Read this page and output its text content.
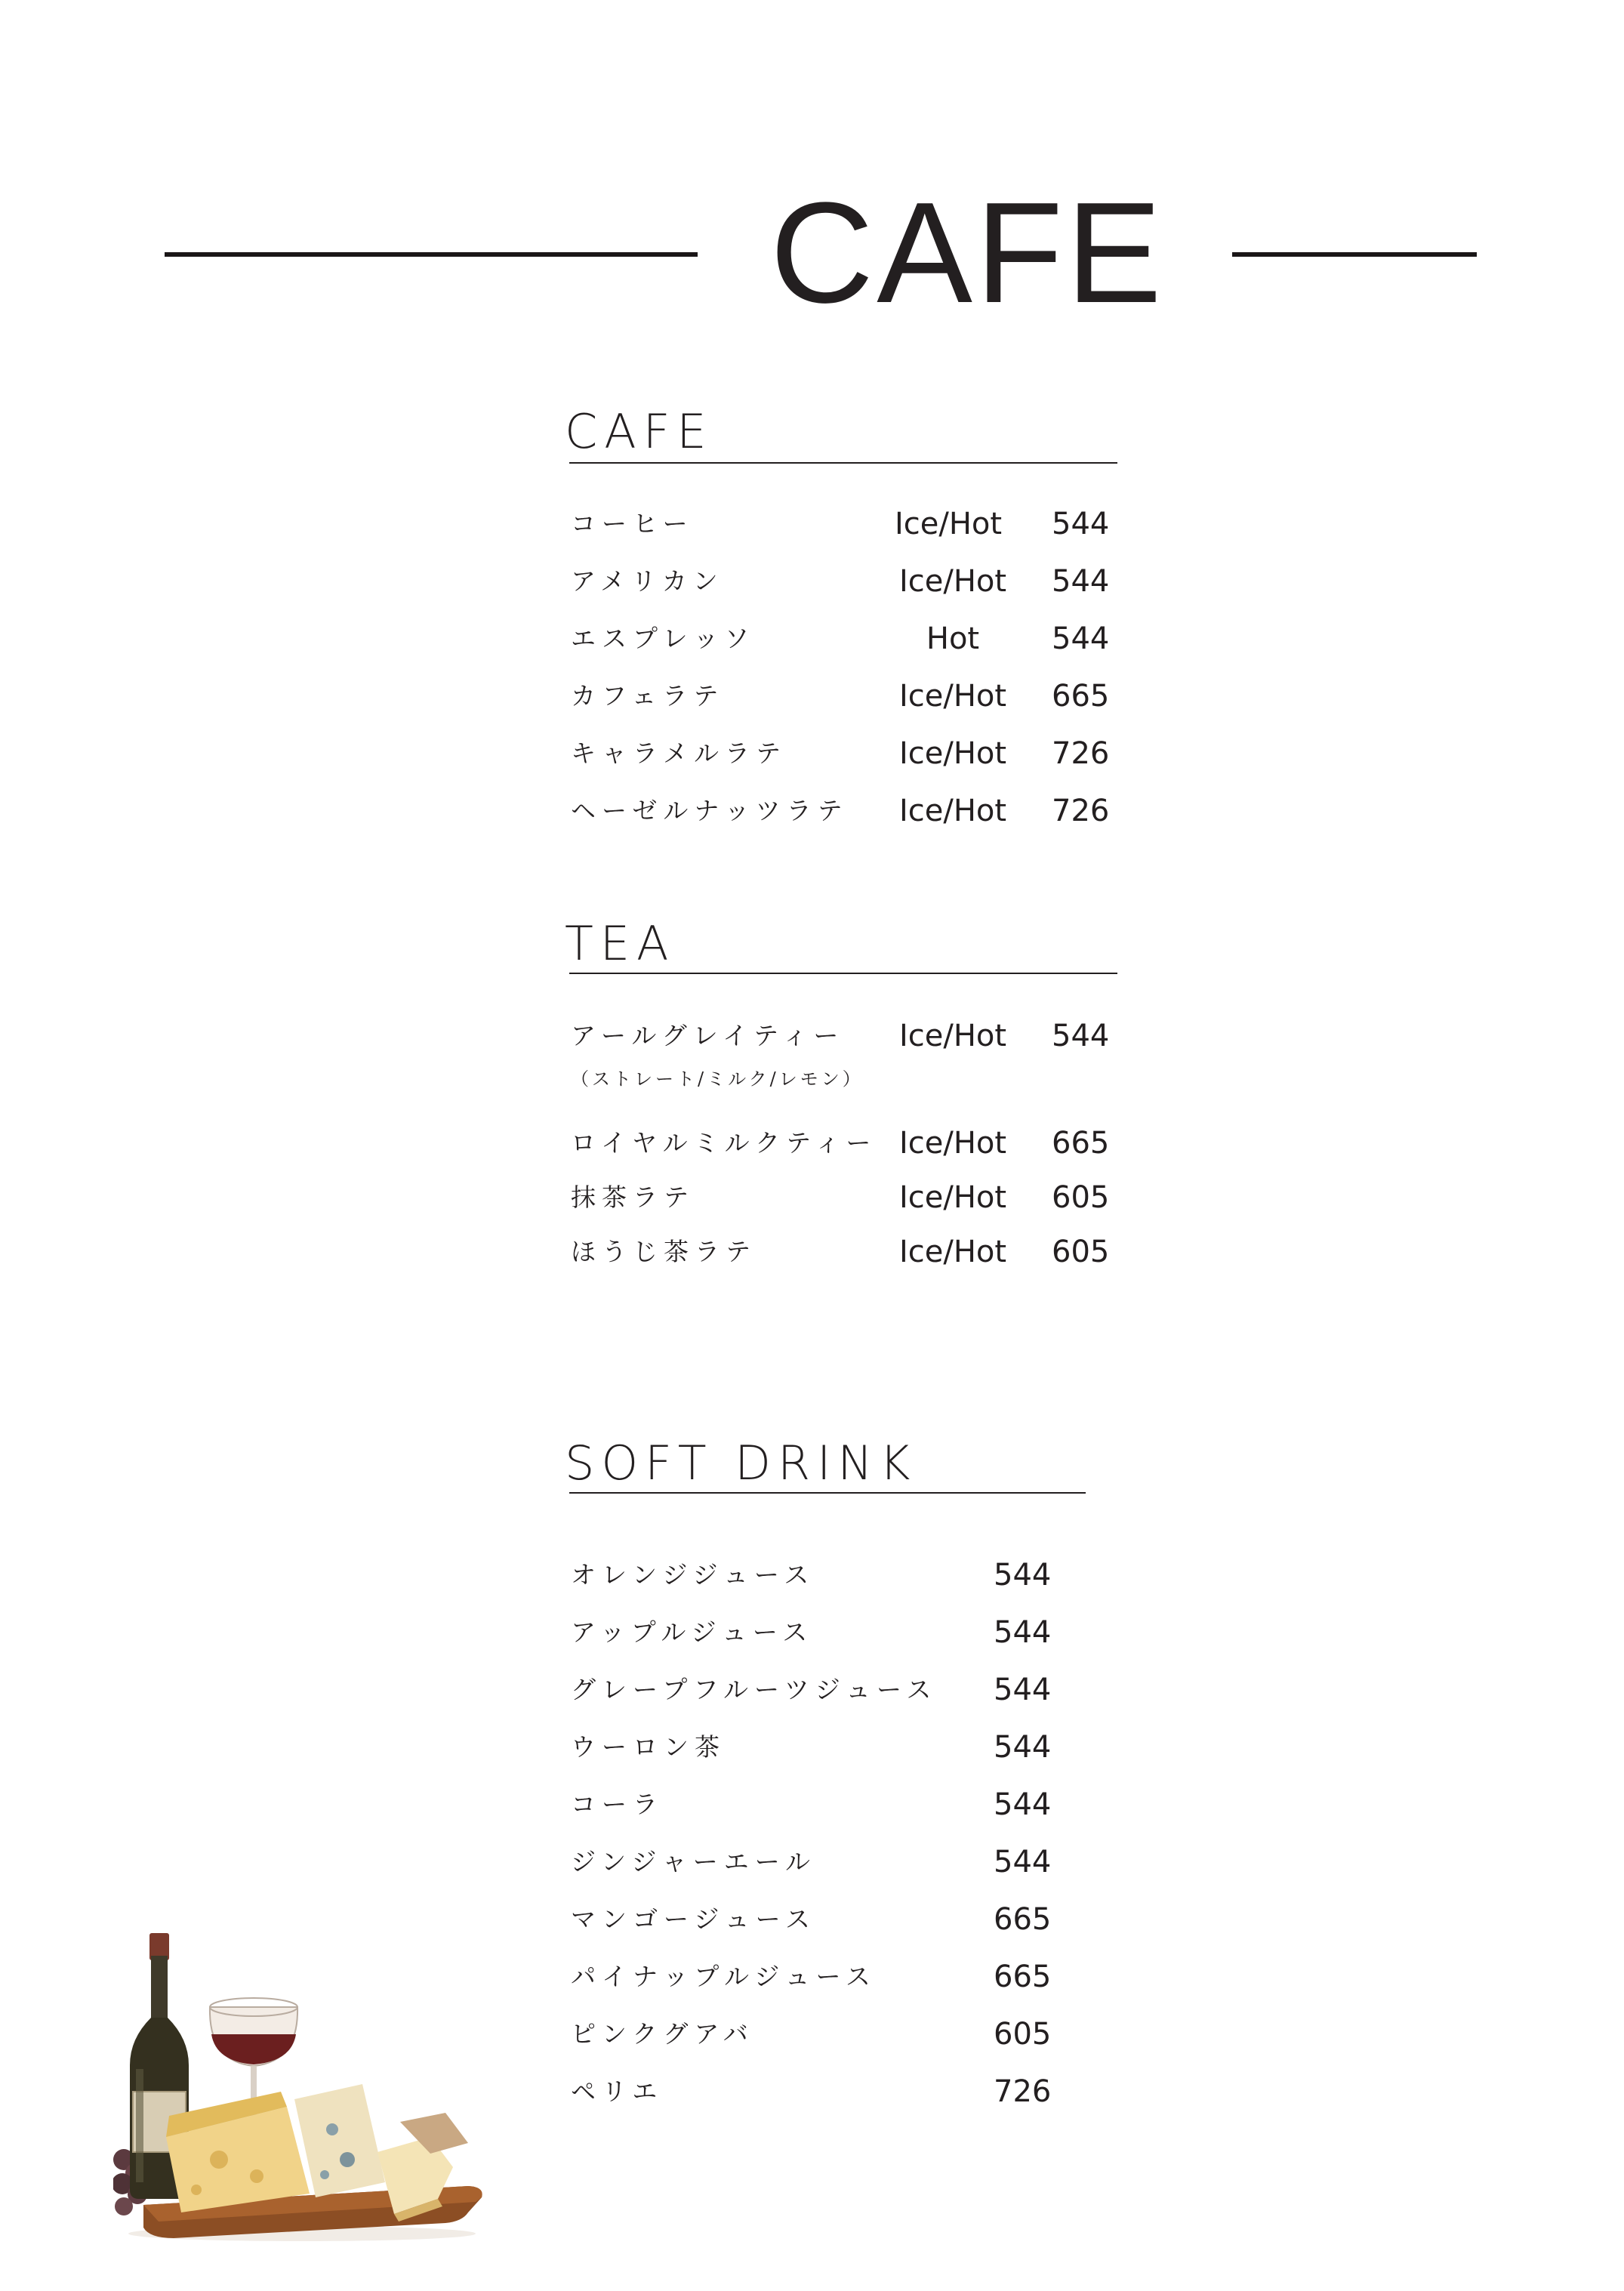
CAFE
CAFE
コーヒー	Ice/Hot	544
アメリカン	Ice/Hot	544
エスプレッソ	Hot	544
カフェラテ	Ice/Hot	665
キャラメルラテ	Ice/Hot	726
ヘーゼルナッツラテ	Ice/Hot	726
TEA
アールグレイティー	Ice/Hot	544
（ストレート/ミルク/レモン）
ロイヤルミルクティー Ice/Hot	665
抹茶ラテ	Ice/Hot	605
ほうじ茶ラテ	Ice/Hot	605
SOFT DRINK
オレンジジュース	544
アップルジュース	544
グレープフルーツジュース 544
ウーロン茶	544
コーラ	544
ジンジャーエール	544
マンゴージュース	665
パイナップルジュース	665
ピンクグアバ	605
ペリエ	726
